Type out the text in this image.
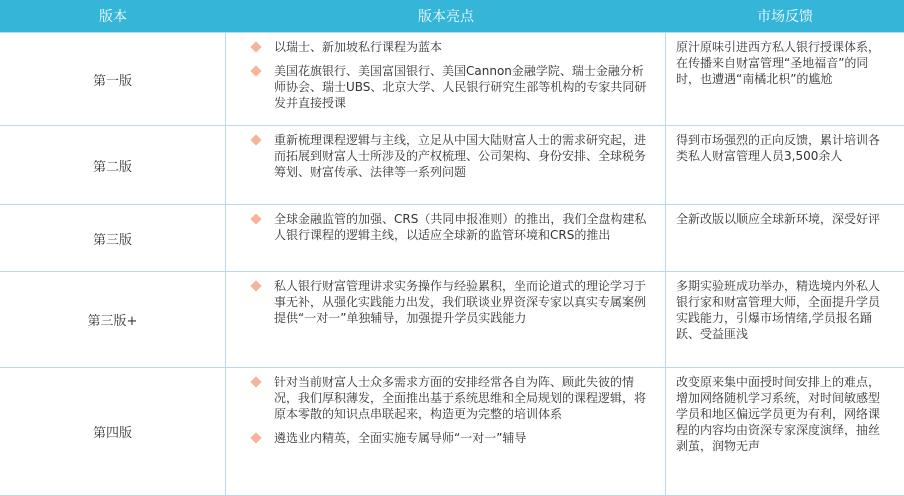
版本	版本亮点	市场反馈
第一版
以瑞士、新加坡私行课程为蓝本
美国花旗银行、美国富国银行、美国Cannon金融学院、瑞士金融分析师协会、瑞士UBS、北京大学、人民银行研究生部等机构的专家共同研发并直接授课
原汁原味引进西方私人银行授课体系，在传播来自财富管理“圣地福音”的同时，也遭遇“南橘北枳”的尴尬
第二版
重新梳理课程逻辑与主线，立足从中国大陆财富人士的需求研究起，进而拓展到财富人士所涉及的产权梳理、公司架构、身份安排、全球税务筹划、财富传承、法律等一系列问题
得到市场强烈的正向反馈，累计培训各类私人财富管理人员3,500余人
第三版
全球金融监管的加强、CRS（共同申报准则）的推出，我们全盘构建私人银行课程的逻辑主线，以适应全球新的监管环境和CRS的推出
全新改版以顺应全球新环境，深受好评
第三版+
私人银行财富管理讲求实务操作与经验累积，坐而论道式的理论学习于事无补，从强化实践能力出发，我们联谈业界资深专家以真实专属案例提供“一对一”单独辅导，加强提升学员实践能力
多期实验班成功举办，精选境内外私人银行家和财富管理大师，全面提升学员实践能力，引爆市场情绪,学员报名踊跃、受益匪浅
第四版
针对当前财富人士众多需求方面的安排经常各自为阵、顾此失彼的情况，我们厚积薄发，全面推出基于系统思维和全局规划的课程逻辑，将原本零散的知识点串联起来，构造更为完整的培训体系
遴选业内精英，全面实施专属导师“一对一”辅导
改变原来集中面授时间安排上的难点，增加网络随机学习系统，对时间敏感型学员和地区偏远学员更为有利，网络课程的内容均由资深专家深度演绎，抽丝剥茧，润物无声
